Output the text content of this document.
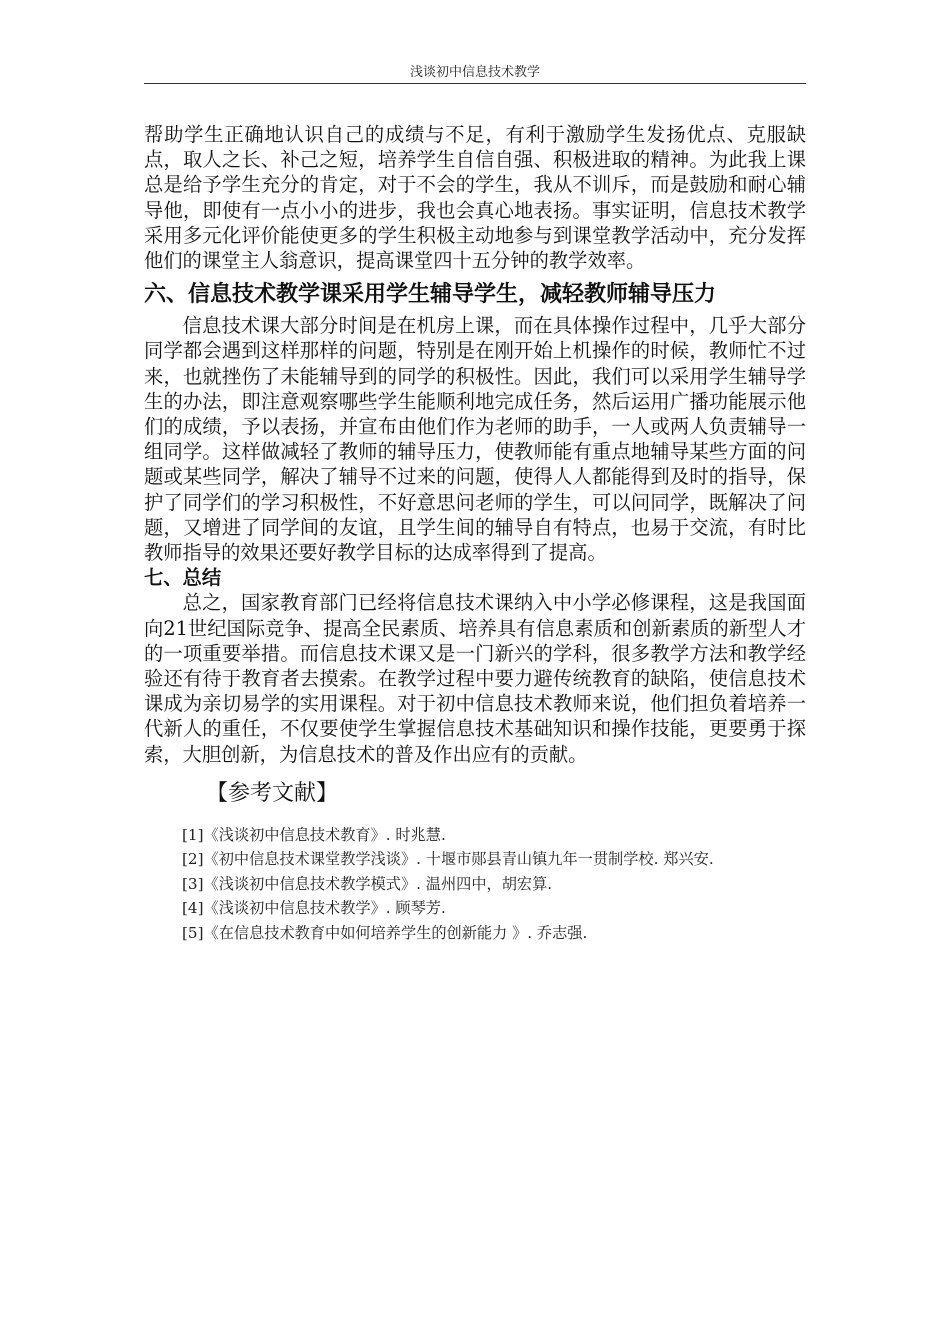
浅谈初中信息技术教学

帮助学生正确地认识自己的成绩与不足，有利于激励学生发扬优点、克服缺点，取人之长、补己之短，培养学生自信自强、积极进取的精神。为此我上课总是给予学生充分的肯定，对于不会的学生，我从不训斥，而是鼓励和耐心辅导他，即使有一点小小的进步，我也会真心地表扬。事实证明，信息技术教学采用多元化评价能使更多的学生积极主动地参与到课堂教学活动中，充分发挥他们的课堂主人翁意识，提高课堂四十五分钟的教学效率。

六、信息技术教学课采用学生辅导学生，减轻教师辅导压力

信息技术课大部分时间是在机房上课，而在具体操作过程中，几乎大部分同学都会遇到这样那样的问题，特别是在刚开始上机操作的时候，教师忙不过来，也就挫伤了未能辅导到的同学的积极性。因此，我们可以采用学生辅导学生的办法，即注意观察哪些学生能顺利地完成任务，然后运用广播功能展示他们的成绩，予以表扬，并宣布由他们作为老师的助手，一人或两人负责辅导一组同学。这样做减轻了教师的辅导压力，使教师能有重点地辅导某些方面的问题或某些同学，解决了辅导不过来的问题，使得人人都能得到及时的指导，保护了同学们的学习积极性，不好意思问老师的学生，可以问同学，既解决了问题，又增进了同学间的友谊，且学生间的辅导自有特点，也易于交流，有时比教师指导的效果还要好教学目标的达成率得到了提高。

七、总结

总之，国家教育部门已经将信息技术课纳入中小学必修课程，这是我国面向21世纪国际竞争、提高全民素质、培养具有信息素质和创新素质的新型人才的一项重要举措。而信息技术课又是一门新兴的学科，很多教学方法和教学经验还有待于教育者去摸索。在教学过程中要力避传统教育的缺陷，使信息技术课成为亲切易学的实用课程。对于初中信息技术教师来说，他们担负着培养一代新人的重任，不仅要使学生掌握信息技术基础知识和操作技能，更要勇于探索，大胆创新，为信息技术的普及作出应有的贡献。

【参考文献】
[1]《浅谈初中信息技术教育》. 时兆慧.
[2]《初中信息技术课堂教学浅谈》. 十堰市郧县青山镇九年一贯制学校. 郑兴安.
[3]《浅谈初中信息技术教学模式》. 温州四中，胡宏算.
[4]《浅谈初中信息技术教学》. 顾琴芳.
[5]《在信息技术教育中如何培养学生的创新能力 》. 乔志强.
